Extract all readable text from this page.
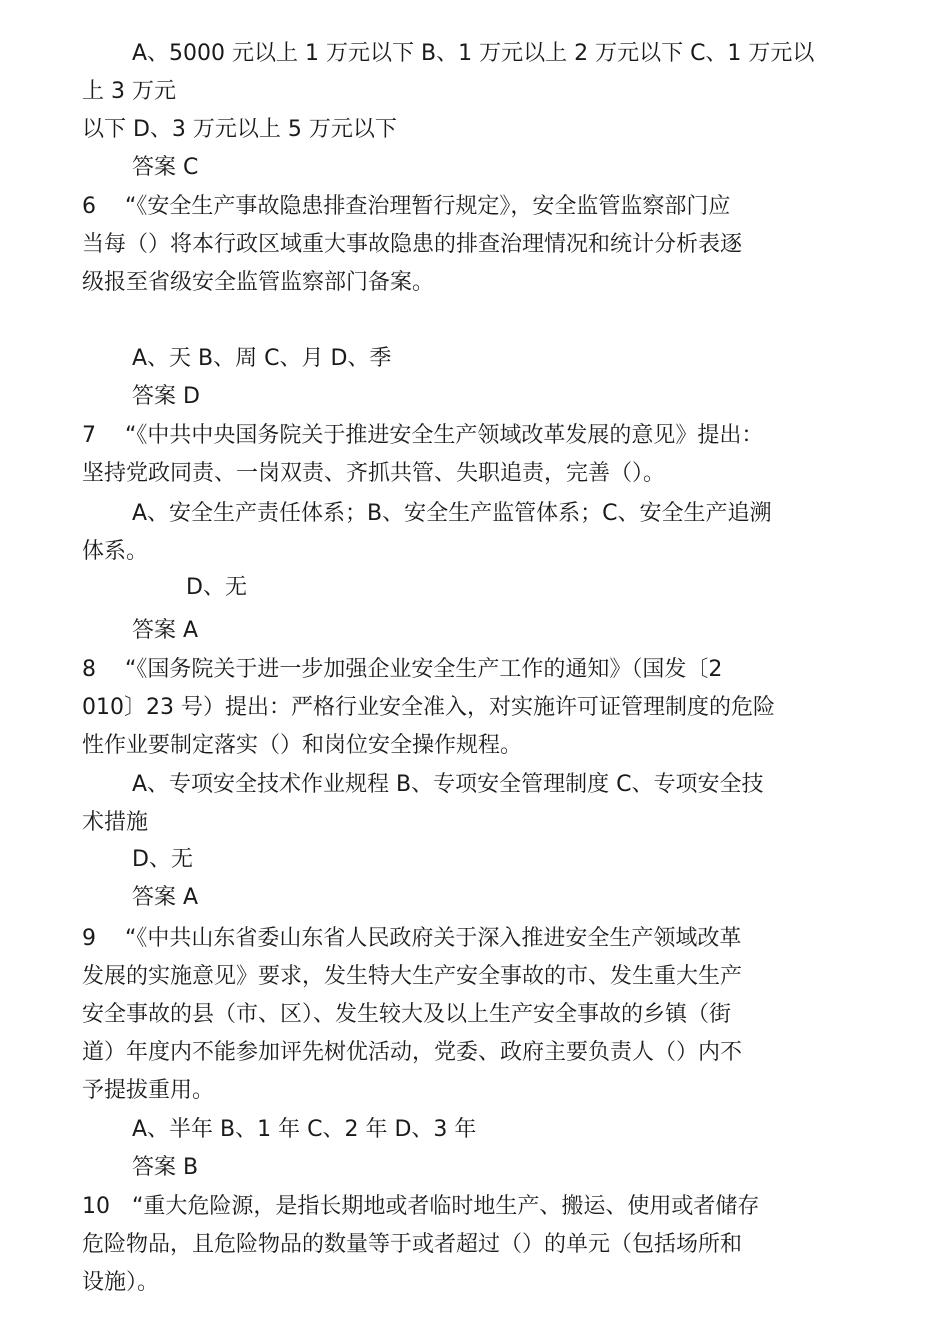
A、5000 元以上 1 万元以下 B、1 万元以上 2 万元以下 C、1 万元以
上 3 万元
以下 D、3 万元以上 5 万元以下
答案 C
6　 “《安全生产事故隐患排查治理暂行规定》，安全监管监察部门应
当每（）将本行政区域重大事故隐患的排查治理情况和统计分析表逐
级报至省级安全监管监察部门备案。
A、天 B、周 C、月 D、季
答案 D
7　 “《中共中央国务院关于推进安全生产领域改革发展的意见》提出：
坚持党政同责、一岗双责、齐抓共管、失职追责，完善（）。
A、安全生产责任体系；B、安全生产监管体系；C、安全生产追溯
体系。
D、无
答案 A
8　 “《国务院关于进一步加强企业安全生产工作的通知》（国发〔2
010〕23 号）提出：严格行业安全准入，对实施许可证管理制度的危险
性作业要制定落实（）和岗位安全操作规程。
A、专项安全技术作业规程 B、专项安全管理制度 C、专项安全技
术措施
D、无
答案 A
9　 “《中共山东省委山东省人民政府关于深入推进安全生产领域改革
发展的实施意见》要求，发生特大生产安全事故的市、发生重大生产
安全事故的县（市、区）、发生较大及以上生产安全事故的乡镇（街
道）年度内不能参加评先树优活动，党委、政府主要负责人（）内不
予提拔重用。
A、半年 B、1 年 C、2 年 D、3 年
答案 B
10　“重大危险源，是指长期地或者临时地生产、搬运、使用或者储存
危险物品，且危险物品的数量等于或者超过（）的单元（包括场所和
设施）。
